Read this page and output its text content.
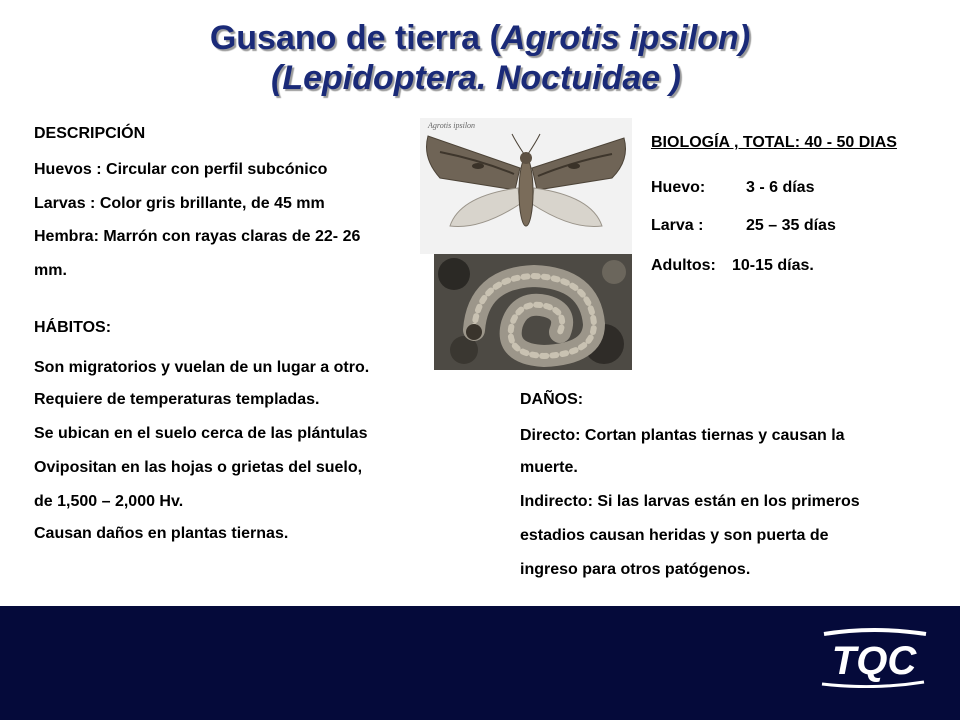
Gusano de tierra (Agrotis ipsilon)
(Lepidoptera. Noctuidae )
DESCRIPCIÓN
Huevos : Circular con perfil subcónico
Larvas : Color gris brillante, de 45 mm
Hembra: Marrón con rayas claras de 22- 26
mm.
HÁBITOS:
Son migratorios y vuelan de un lugar a otro.
Requiere de temperaturas templadas.
Se ubican en el suelo cerca de las plántulas
Ovipositan en las hojas o grietas del suelo,
de 1,500 – 2,000 Hv.
Causan daños en plantas tiernas.
Agrotis ipsilon
BIOLOGÍA , TOTAL: 40 - 50 DIAS
Huevo:	3 - 6 días
Larva :	25 – 35 días
Adultos: 10-15 días.
DAÑOS:
Directo: Cortan plantas tiernas y causan la
muerte.
Indirecto: Si las larvas están en los primeros
estadios causan heridas y son puerta de
ingreso para otros patógenos.
TQC
